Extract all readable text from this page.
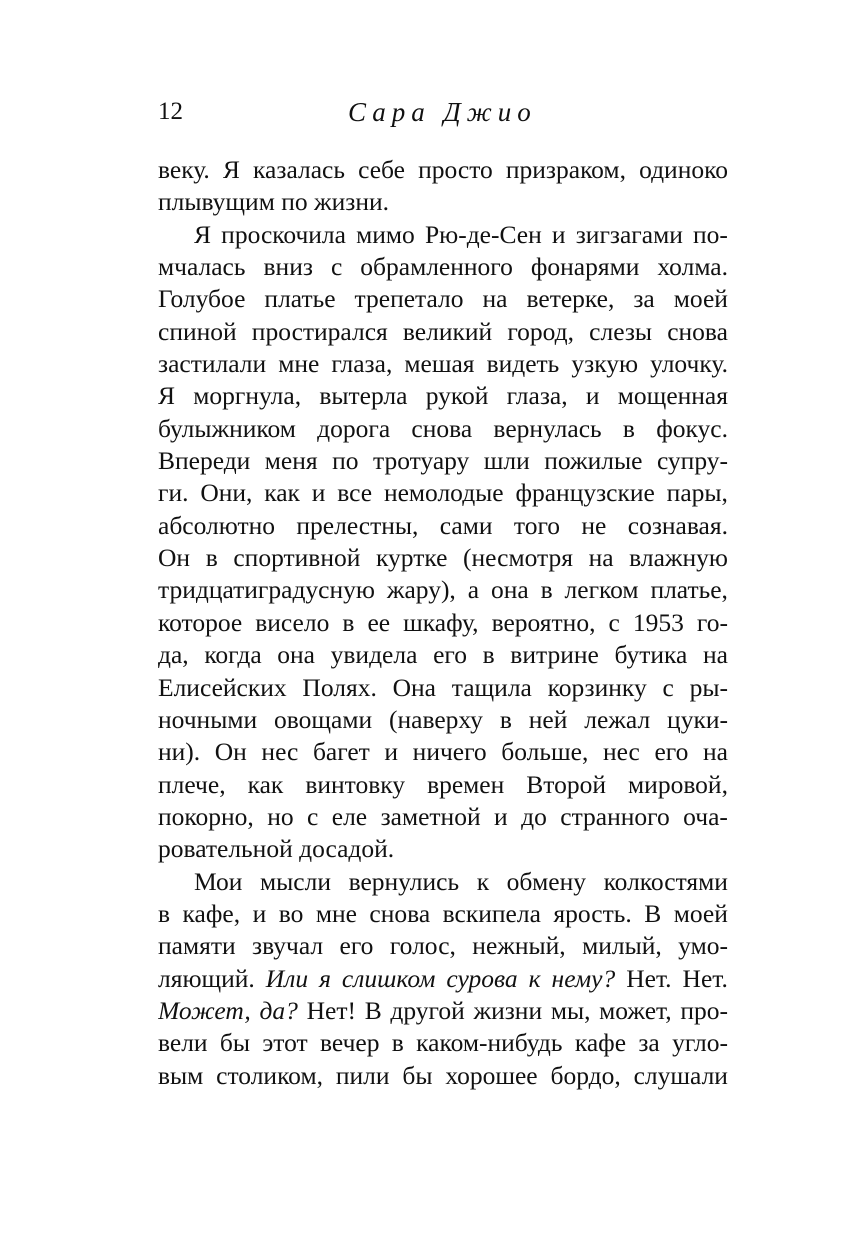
12	Сара Джио
веку. Я казалась себе просто призраком, одиноко
плывущим по жизни.
Я проскочила мимо Рю-де-Сен и зигзагами по-
мчалась вниз с обрамленного фонарями холма.
Голубое платье трепетало на ветерке, за моей
спиной простирался великий город, слезы снова
застилали мне глаза, мешая видеть узкую улочку.
Я моргнула, вытерла рукой глаза, и мощенная
булыжником дорога снова вернулась в фокус.
Впереди меня по тротуару шли пожилые супру-
ги. Они, как и все немолодые французские пары,
абсолютно прелестны, сами того не сознавая.
Он в спортивной куртке (несмотря на влажную
тридцатиградусную жару), а она в легком платье,
которое висело в ее шкафу, вероятно, с 1953 го-
да, когда она увидела его в витрине бутика на
Елисейских Полях. Она тащила корзинку с ры-
ночными овощами (наверху в ней лежал цуки-
ни). Он нес багет и ничего больше, нес его на
плече, как винтовку времен Второй мировой,
покорно, но с еле заметной и до странного оча-
ровательной досадой.
Мои мысли вернулись к обмену колкостями
в кафе, и во мне снова вскипела ярость. В моей
памяти звучал его голос, нежный, милый, умо-
ляющий. Или я слишком сурова к нему? Нет. Нет.
Может, да? Нет! В другой жизни мы, может, про-
вели бы этот вечер в каком-нибудь кафе за угло-
вым столиком, пили бы хорошее бордо, слушали
